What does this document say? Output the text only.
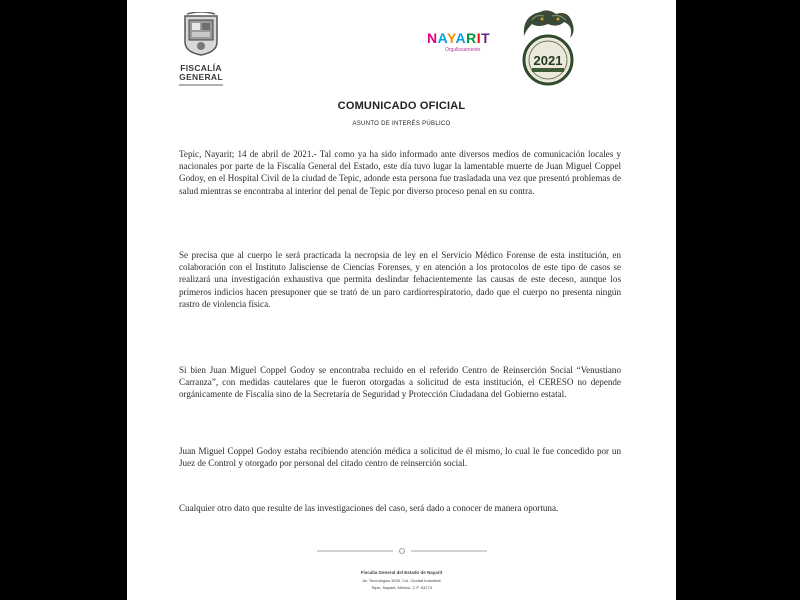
FISCALÍA
GENERAL
NAYARIT
Orgullosamente
2021
COMUNICADO OFICIAL
ASUNTO DE INTERÉS PÚBLICO

Tepic, Nayarit; 14 de abril de 2021.- Tal como ya ha sido informado ante diversos medios de comunicación locales y nacionales por parte de la Fiscalía General del Estado, este día tuvo lugar la lamentable muerte de Juan Miguel Coppel Godoy, en el Hospital Civil de la ciudad de Tepic, adonde esta persona fue trasladada una vez que presentó problemas de salud mientras se encontraba al interior del penal de Tepic por diverso proceso penal en su contra.

Se precisa que al cuerpo le será practicada la necropsia de ley en el Servicio Médico Forense de esta institución, en colaboración con el Instituto Jalisciense de Ciencias Forenses, y en atención a los protocolos de este tipo de casos se realizará una investigación exhaustiva que permita deslindar fehacientemente las causas de este deceso, aunque los primeros indicios hacen presuponer que se trató de un paro cardiorrespiratorio, dado que el cuerpo no presenta ningún rastro de violencia física.

Si bien Juan Miguel Coppel Godoy se encontraba recluido en el referido Centro de Reinserción Social “Venustiano Carranza”, con medidas cautelares que le fueron otorgadas a solicitud de esta institución, el CERESO no depende orgánicamente de Fiscalía sino de la Secretaría de Seguridad y Protección Ciudadana del Gobierno estatal.

Juan Miguel Coppel Godoy estaba recibiendo atención médica a solicitud de él mismo, lo cual le fue concedido por un Juez de Control y otorgado por personal del citado centro de reinserción social.

Cualquier otro dato que resulte de las investigaciones del caso, será dado a conocer de manera oportuna.

Fiscalía General del Estado de Nayarit
Av. Tecnológico 3200, Col. Ciudad Industrial
Tepic, Nayarit, México. C.P. 63173
